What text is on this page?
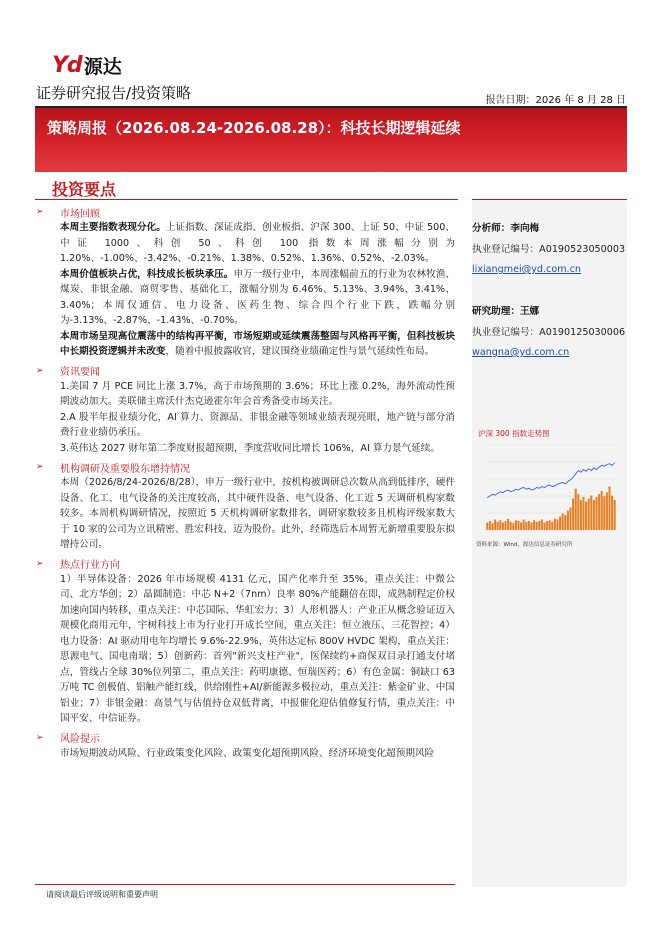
Yd 源达
证券研究报告/投资策略	报告日期：2026 年 8 月 28 日
策略周报（2026.08.24-2026.08.28）：科技长期逻辑延续
投资要点
➢	市场回顾
本周主要指数表现分化。上证指数、深证成指、创业板指、沪深 300、上证 50、中证 500、中证 1000、科创 50、科创 100 指数本周涨幅分别为 1.20%、-1.00%、-3.42%、-0.21%、1.38%、0.52%、1.36%、0.52%、-2.03%。
本周价值板块占优，科技成长板块承压。申万一级行业中，本周涨幅前五的行业为农林牧渔、煤炭、非银金融、商贸零售、基础化工，涨幅分别为 6.46%、5.13%、3.94%、3.41%、3.40%；本周仅通信、电力设备、医药生物、综合四个行业下跌，跌幅分别为-3.13%、-2.87%、-1.43%、-0.70%。
本周市场呈现高位震荡中的结构再平衡，市场短期或延续震荡整固与风格再平衡，但科技板块中长期投资逻辑并未改变，随着中报披露收官，建议围绕业绩确定性与景气延续性布局。
➢	资讯要闻
1.美国 7 月 PCE 同比上涨 3.7%，高于市场预期的 3.6%；环比上涨 0.2%，海外流动性预期波动加大。美联储主席沃什杰克逊霍尔年会首秀备受市场关注。
2.A 股半年报业绩分化，AI 算力、资源品、非银金融等领域业绩表现亮眼，地产链与部分消费行业业绩仍承压。
3.英伟达 2027 财年第二季度财报超预期，季度营收同比增长 106%，AI 算力景气延续。
➢	机构调研及重要股东增持情况
本周（2026/8/24-2026/8/28），申万一级行业中，按机构被调研总次数从高到低排序，硬件设备、化工、电气设备的关注度较高，其中硬件设备、电气设备、化工近 5 天调研机构家数较多。本周机构调研情况，按照近 5 天机构调研家数排名，调研家数较多且机构评级家数大于 10 家的公司为立讯精密、胜宏科技、迈为股份。此外，经筛选后本周暂无新增重要股东拟增持公司。
➢	热点行业方向
1）半导体设备：2026 年市场规模 4131 亿元，国产化率升至 35%，重点关注：中微公司、北方华创；2）晶圆制造：中芯 N+2（7nm）良率 80%产能翻倍在即，成熟制程定价权加速向国内转移，重点关注：中芯国际、华虹宏力；3）人形机器人：产业正从概念验证迈入规模化商用元年，宇树科技上市为行业打开成长空间，重点关注：恒立液压、三花智控；4）电力设备：AI 驱动用电年均增长 9.6%-22.9%，英伟达定标 800V HVDC 架构，重点关注：思源电气、国电南瑞；5）创新药：首列"新兴支柱产业"，医保续约+商保双目录打通支付堵点，管线占全球 30%位列第二，重点关注：药明康德、恒瑞医药；6）有色金属：铜缺口 63 万吨 TC 创极值、铝触产能红线，供给刚性+AI/新能源多极拉动，重点关注：紫金矿业、中国铝业；7）非银金融：高景气与估值持仓双低背离，中报催化迎估值修复行情，重点关注：中国平安、中信证券。
➢	风险提示
市场短期波动风险、行业政策变化风险、政策变化超预期风险、经济环境变化超预期风险
分析师：李向梅
执业登记编号：A0190523050003
lixiangmei@yd.com.cn
研究助理：王娜
执业登记编号：A0190125030006
wangna@yd.com.cn
沪深 300 指数走势图
资料来源：Wind，源达信息证券研究所
请阅读最后评级说明和重要声明
